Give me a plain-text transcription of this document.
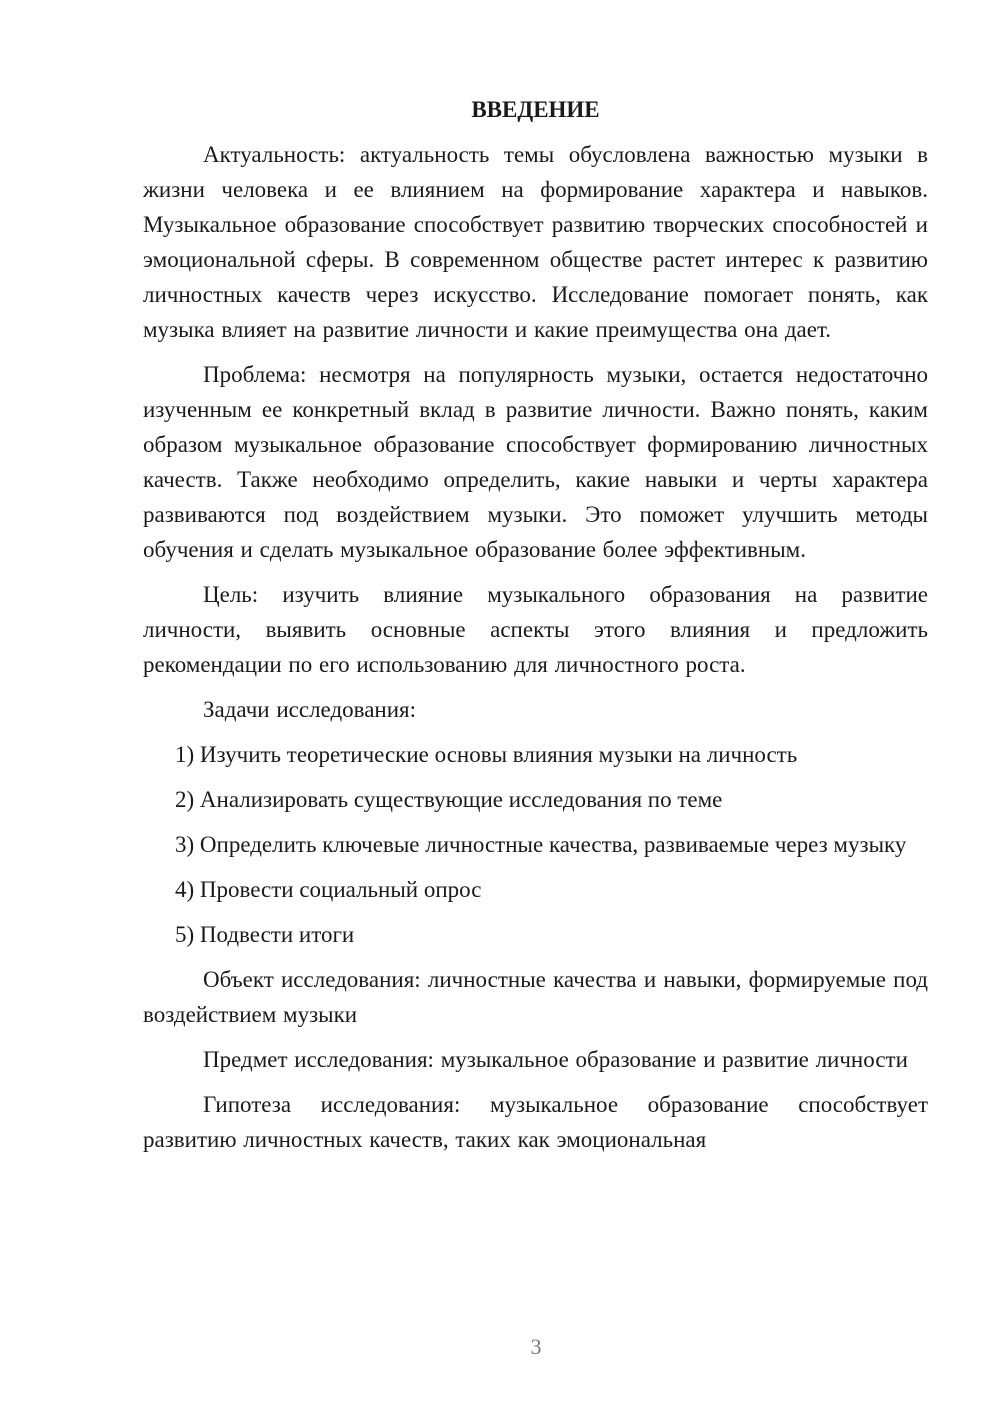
ВВЕДЕНИЕ

Актуальность: актуальность темы обусловлена важностью музыки в жизни человека и ее влиянием на формирование характера и навыков. Музыкальное образование способствует развитию творческих способностей и эмоциональной сферы. В современном обществе растет интерес к развитию личностных качеств через искусство. Исследование помогает понять, как музыка влияет на развитие личности и какие преимущества она дает.

Проблема: несмотря на популярность музыки, остается недостаточно изученным ее конкретный вклад в развитие личности. Важно понять, каким образом музыкальное образование способствует формированию личностных качеств. Также необходимо определить, какие навыки и черты характера развиваются под воздействием музыки. Это поможет улучшить методы обучения и сделать музыкальное образование более эффективным.

Цель: изучить влияние музыкального образования на развитие личности, выявить основные аспекты этого влияния и предложить рекомендации по его использованию для личностного роста.

Задачи исследования:

1) Изучить теоретические основы влияния музыки на личность

2) Анализировать существующие исследования по теме

3) Определить ключевые личностные качества, развиваемые через музыку

4) Провести социальный опрос

5) Подвести итоги

Объект исследования: личностные качества и навыки, формируемые под воздействием музыки

Предмет исследования: музыкальное образование и развитие личности

Гипотеза исследования: музыкальное образование способствует развитию личностных качеств, таких как эмоциональная

3
